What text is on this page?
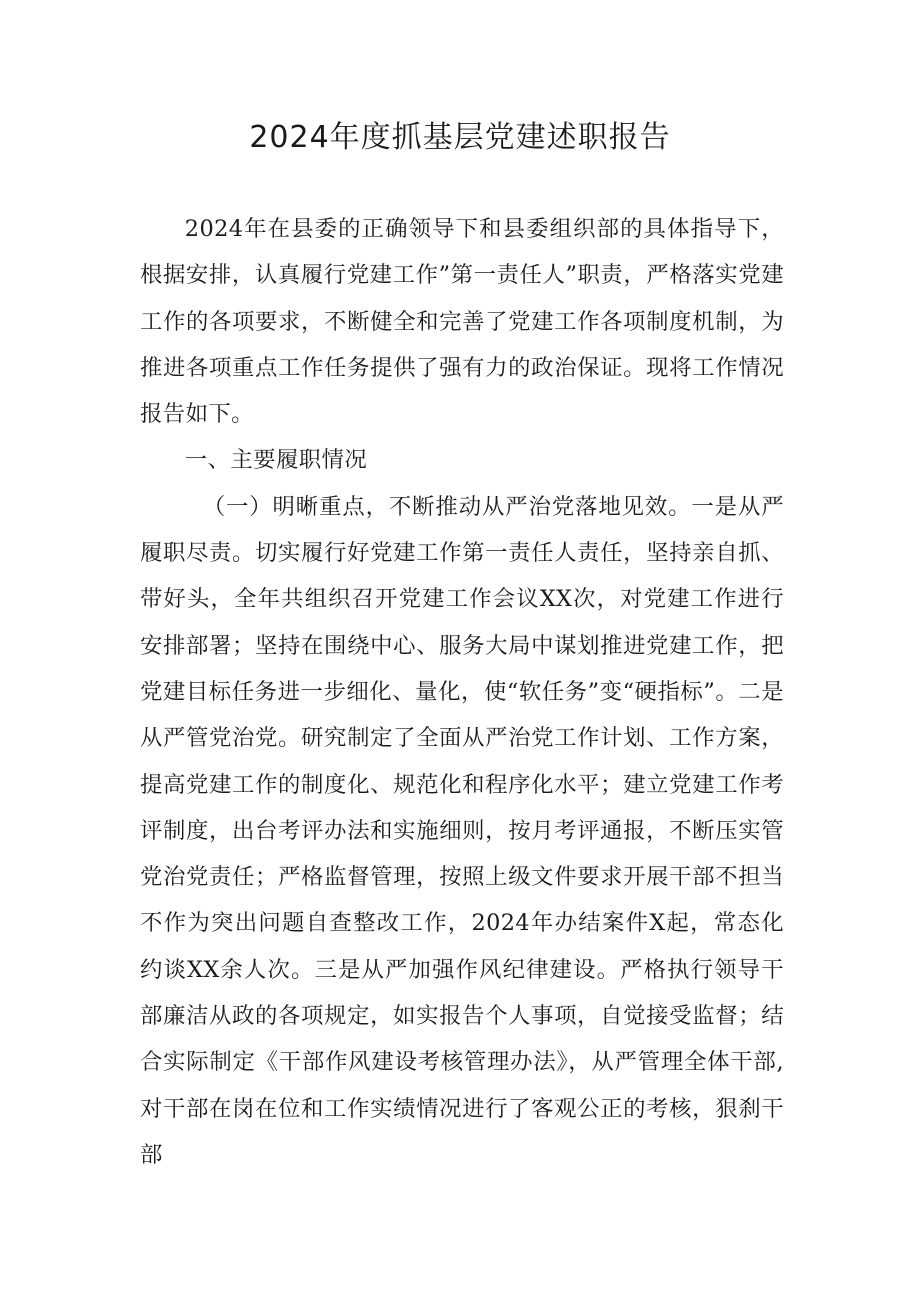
2024年度抓基层党建述职报告

2024年在县委的正确领导下和县委组织部的具体指导下，根据安排，认真履行党建工作”第一责任人”职责，严格落实党建工作的各项要求，不断健全和完善了党建工作各项制度机制，为推进各项重点工作任务提供了强有力的政治保证。现将工作情况报告如下。

一、主要履职情况

（一）明晰重点，不断推动从严治党落地见效。一是从严履职尽责。切实履行好党建工作第一责任人责任，坚持亲自抓、带好头，全年共组织召开党建工作会议XX次，对党建工作进行安排部署；坚持在围绕中心、服务大局中谋划推进党建工作，把党建目标任务进一步细化、量化，使“软任务”变“硬指标”。二是从严管党治党。研究制定了全面从严治党工作计划、工作方案，提高党建工作的制度化、规范化和程序化水平；建立党建工作考评制度，出台考评办法和实施细则，按月考评通报，不断压实管党治党责任；严格监督管理，按照上级文件要求开展干部不担当不作为突出问题自查整改工作，2024年办结案件X起，常态化约谈XX余人次。三是从严加强作风纪律建设。严格执行领导干部廉洁从政的各项规定，如实报告个人事项，自觉接受监督；结合实际制定《干部作风建设考核管理办法》，从严管理全体干部,对干部在岗在位和工作实绩情况进行了客观公正的考核，狠刹干部
